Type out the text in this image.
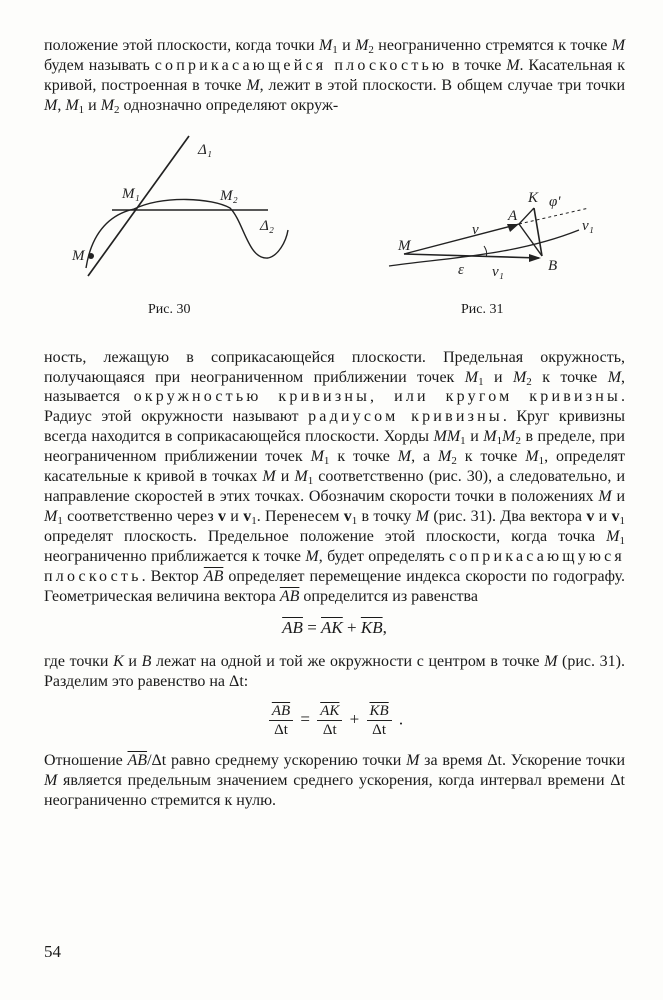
положение этой плоскости, когда точки $M_1$ и $M_2$ неограниченно стремятся к точке M будем называть соприкасающейся плоскостью в точке M. Касательная к кривой, построенная в точке M, лежит в этой плоскости. В общем случае три точки M, $M_1$ и $M_2$ однозначно определяют окруж-

Δ₁
M₁	M₂
Δ₂
M
Рис. 30
K φ'
A
v	v₁
M
ε v₁	B
Рис. 31

ность, лежащую в соприкасающейся плоскости. Предельная окружность, получающаяся при неограниченном приближении точек $M_1$ и $M_2$ к точке M, называется окружностью кривизны, или кругом кривизны. Радиус этой окружности называют радиусом кривизны. Круг кривизны всегда находится в соприкасающейся плоскости. Хорды $MM_1$ и $M_1M_2$ в пределе, при неограниченном приближении точек $M_1$ к точке M, а $M_2$ к точке $M_1$, определят касательные к кривой в точках M и $M_1$ соответственно (рис. 30), а следовательно, и направление скоростей в этих точках. Обозначим скорости точки в положениях M и $M_1$ соответственно через v и $v_1$. Перенесем $v_1$ в точку M (рис. 31). Два вектора v и $v_1$ определят плоскость. Предельное положение этой плоскости, когда точка $M_1$ неограниченно приближается к точке M, будет определять соприкасающуюся плоскость. Вектор $\overline{AB}$ определяет перемещение индекса скорости по годографу. Геометрическая величина вектора $\overline{AB}$ определится из равенства

$\overline{AB} = \overline{AK} + \overline{KB}$,

где точки K и B лежат на одной и той же окружности с центром в точке M (рис. 31). Разделим это равенство на Δt:

$\frac{\overline{AB}}{\Delta t} = \frac{\overline{AK}}{\Delta t} + \frac{\overline{KB}}{\Delta t}$ .

Отношение $\overline{AB}/\Delta t$ равно среднему ускорению точки M за время Δt. Ускорение точки M является предельным значением среднего ускорения, когда интервал времени Δt неограниченно стремится к нулю.

54
